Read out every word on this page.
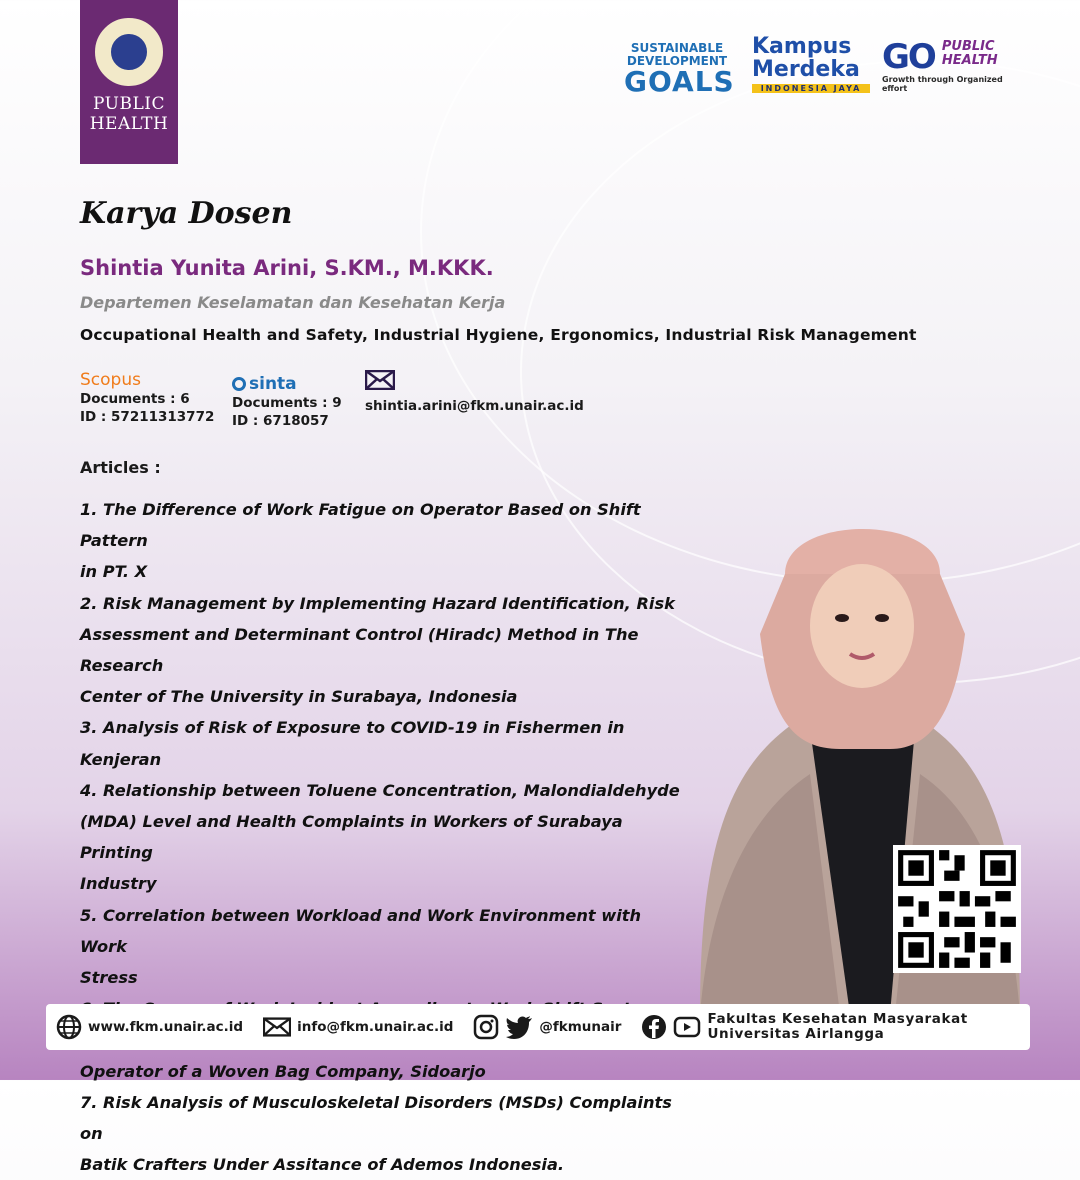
PUBLIC
HEALTH
SUSTAINABLE
DEVELOPMENT
GOALS
Kampus
Merdeka
INDONESIA JAYA
GO PUBLIC
HEALTH
Growth through Organized effort
Karya Dosen
Shintia Yunita Arini, S.KM., M.KKK.
Departemen Keselamatan dan Kesehatan Kerja
Occupational Health and Safety, Industrial Hygiene, Ergonomics, Industrial Risk Management
Scopus
Documents : 6
ID : 57211313772
sinta
Documents : 9
ID : 6718057
shintia.arini@fkm.unair.ac.id
Articles :
1. The Difference of Work Fatigue on Operator Based on Shift Pattern
in PT. X
2. Risk Management by Implementing Hazard Identification, Risk
Assessment and Determinant Control (Hiradc) Method in The Research
Center of The University in Surabaya, Indonesia
3. Analysis of Risk of Exposure to COVID-19 in Fishermen in Kenjeran
4. Relationship between Toluene Concentration, Malondialdehyde
(MDA) Level and Health Complaints in Workers of Surabaya Printing
Industry
5. Correlation between Workload and Work Environment with Work
Stress
Operator of a Woven Bag Company, Sidoarjo
7. Risk Analysis of Musculoskeletal Disorders (MSDs) Complaints on
Batik Crafters Under Assitance of Ademos Indonesia.
www.fkm.unair.ac.id	info@fkm.unair.ac.id	@fkmunair	Fakultas Kesehatan Masyarakat
Universitas Airlangga
